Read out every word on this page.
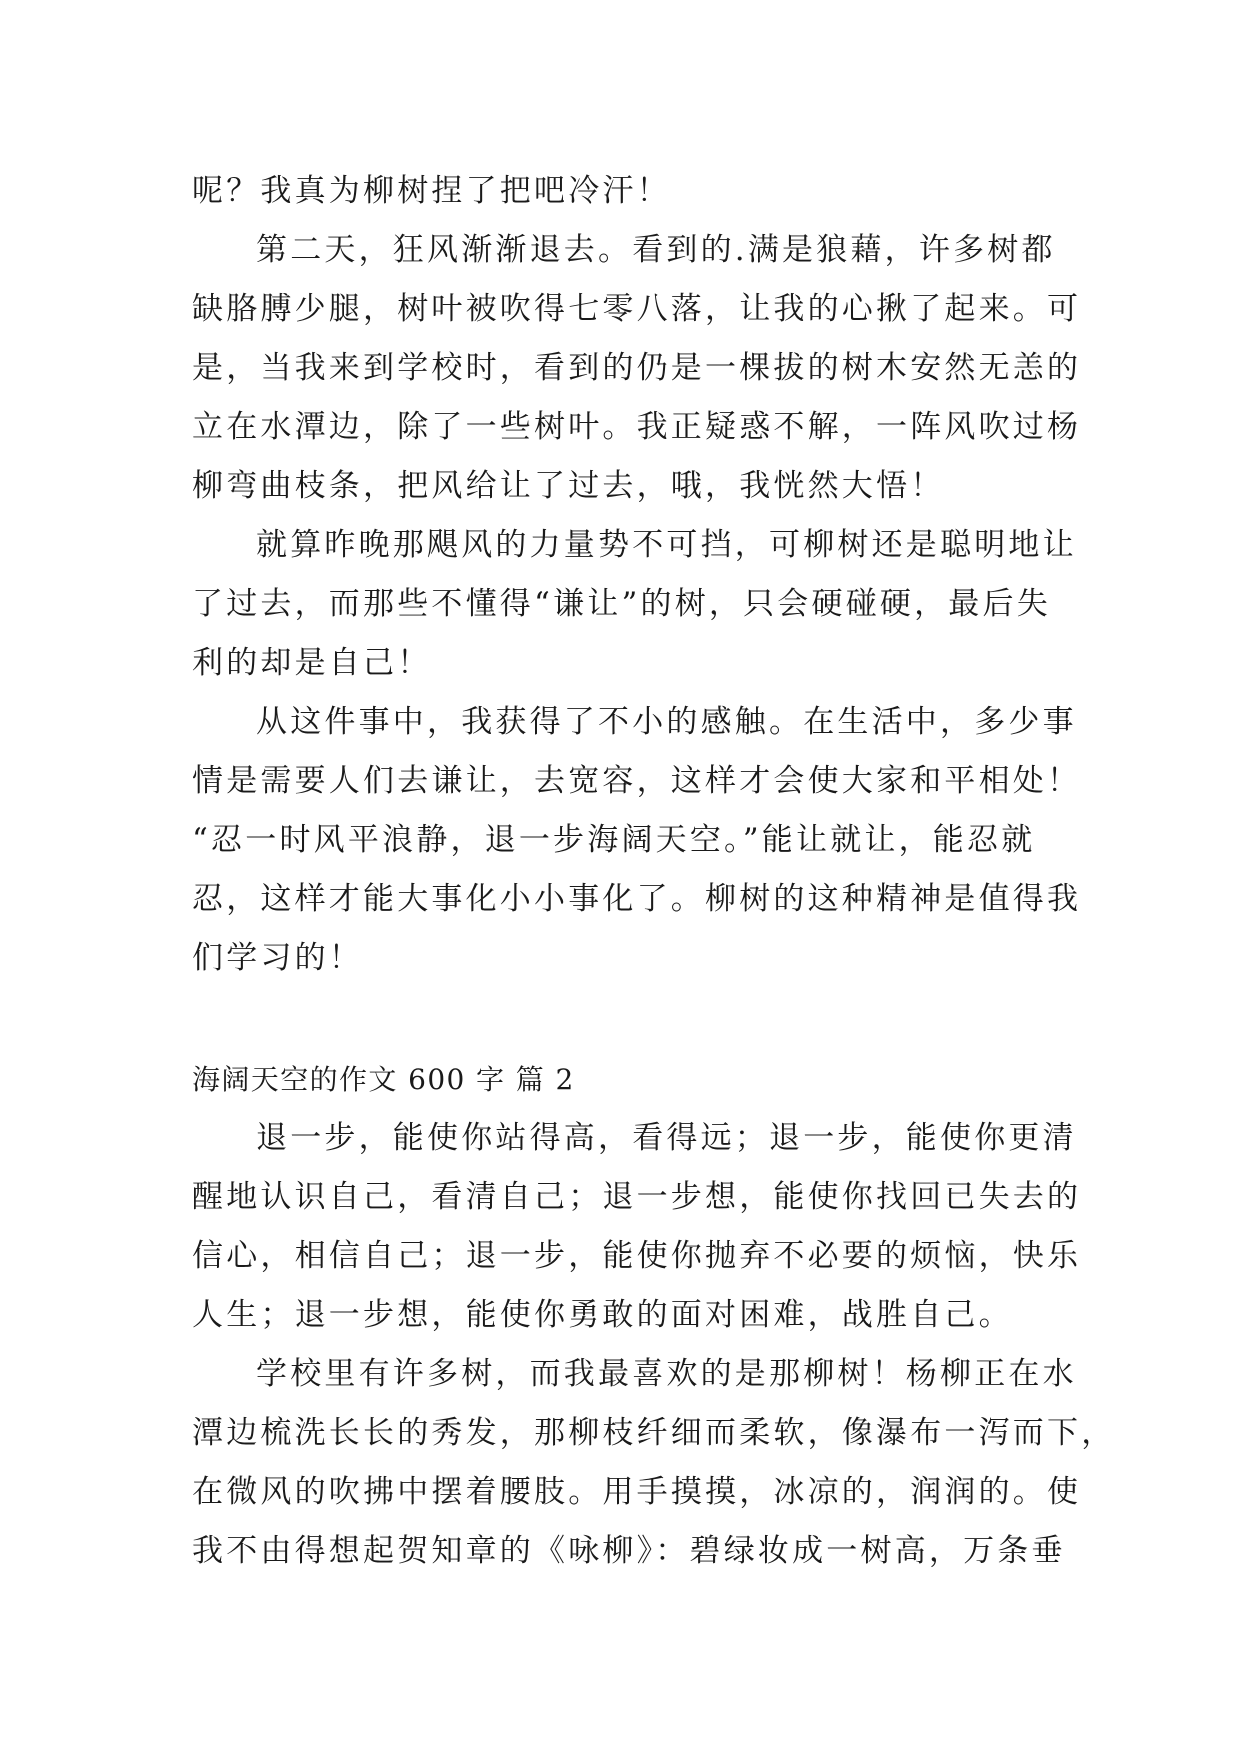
呢？我真为柳树捏了把吧冷汗！
第二天，狂风渐渐退去。看到的.满是狼藉，许多树都
缺胳膊少腿，树叶被吹得七零八落，让我的心揪了起来。可
是，当我来到学校时，看到的仍是一棵拔的树木安然无恙的
立在水潭边，除了一些树叶。我正疑惑不解，一阵风吹过杨
柳弯曲枝条，把风给让了过去，哦，我恍然大悟！
就算昨晚那飓风的力量势不可挡，可柳树还是聪明地让
了过去，而那些不懂得“谦让”的树，只会硬碰硬，最后失
利的却是自己！
从这件事中，我获得了不小的感触。在生活中，多少事
情是需要人们去谦让，去宽容，这样才会使大家和平相处！
“忍一时风平浪静，退一步海阔天空。”能让就让，能忍就
忍，这样才能大事化小小事化了。柳树的这种精神是值得我
们学习的！
海阔天空的作文 600 字 篇 2
退一步，能使你站得高，看得远；退一步，能使你更清
醒地认识自己，看清自己；退一步想，能使你找回已失去的
信心，相信自己；退一步，能使你抛弃不必要的烦恼，快乐
人生；退一步想，能使你勇敢的面对困难，战胜自己。
学校里有许多树，而我最喜欢的是那柳树！杨柳正在水
潭边梳洗长长的秀发，那柳枝纤细而柔软，像瀑布一泻而下，
在微风的吹拂中摆着腰肢。用手摸摸，冰凉的，润润的。使
我不由得想起贺知章的《咏柳》：碧绿妆成一树高，万条垂
